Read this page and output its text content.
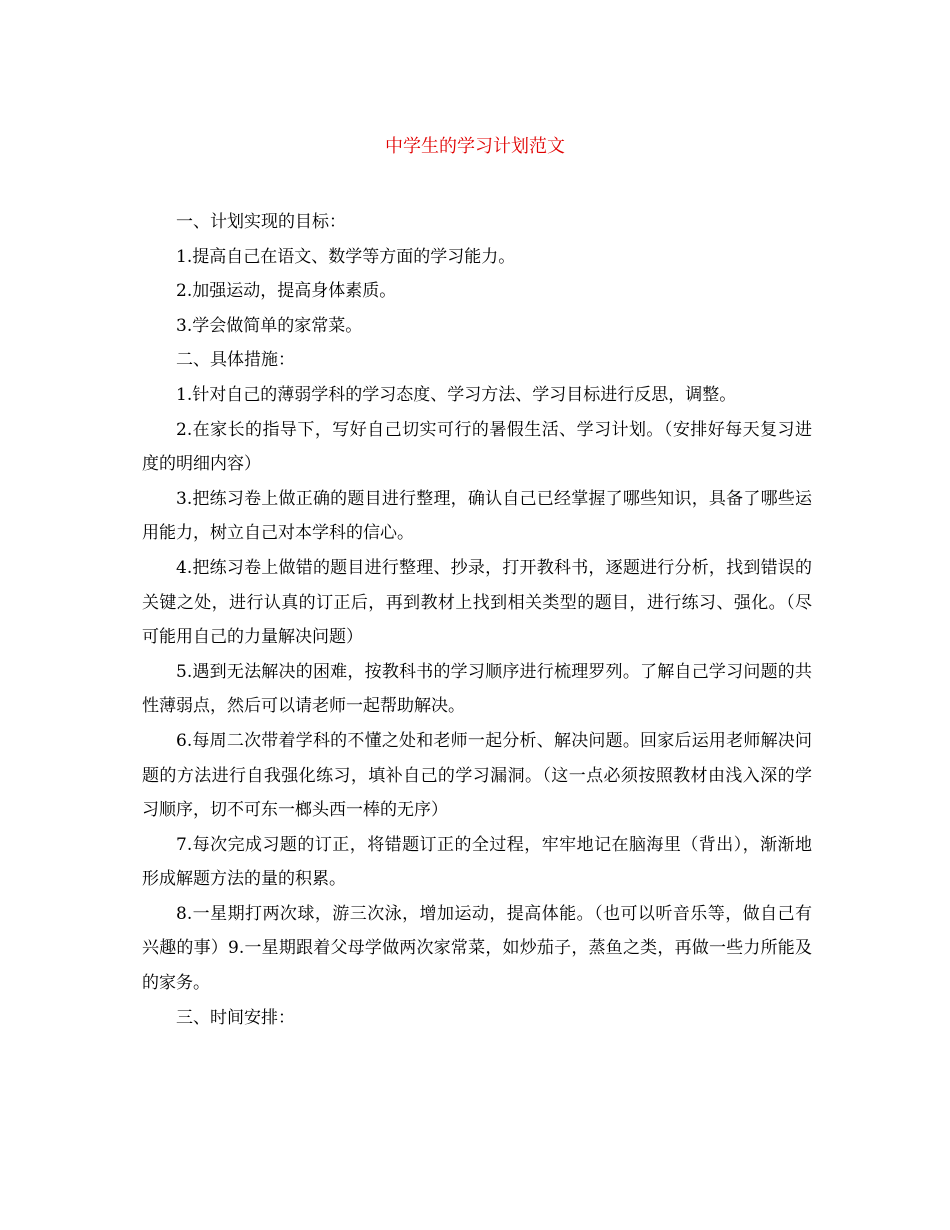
中学生的学习计划范文

一、计划实现的目标：

1.提高自己在语文、数学等方面的学习能力。

2.加强运动，提高身体素质。

3.学会做简单的家常菜。

二、具体措施：

1.针对自己的薄弱学科的学习态度、学习方法、学习目标进行反思，调整。

2.在家长的指导下，写好自己切实可行的暑假生活、学习计划。（安排好每天复习进度的明细内容）

3.把练习卷上做正确的题目进行整理，确认自己已经掌握了哪些知识，具备了哪些运用能力，树立自己对本学科的信心。

4.把练习卷上做错的题目进行整理、抄录，打开教科书，逐题进行分析，找到错误的关键之处，进行认真的订正后，再到教材上找到相关类型的题目，进行练习、强化。（尽可能用自己的力量解决问题）

5.遇到无法解决的困难，按教科书的学习顺序进行梳理罗列。了解自己学习问题的共性薄弱点，然后可以请老师一起帮助解决。

6.每周二次带着学科的不懂之处和老师一起分析、解决问题。回家后运用老师解决问题的方法进行自我强化练习，填补自己的学习漏洞。（这一点必须按照教材由浅入深的学习顺序，切不可东一榔头西一棒的无序）

7.每次完成习题的订正，将错题订正的全过程，牢牢地记在脑海里（背出），渐渐地形成解题方法的量的积累。

8.一星期打两次球，游三次泳，增加运动，提高体能。（也可以听音乐等，做自己有兴趣的事）9.一星期跟着父母学做两次家常菜，如炒茄子，蒸鱼之类，再做一些力所能及的家务。

三、时间安排：
